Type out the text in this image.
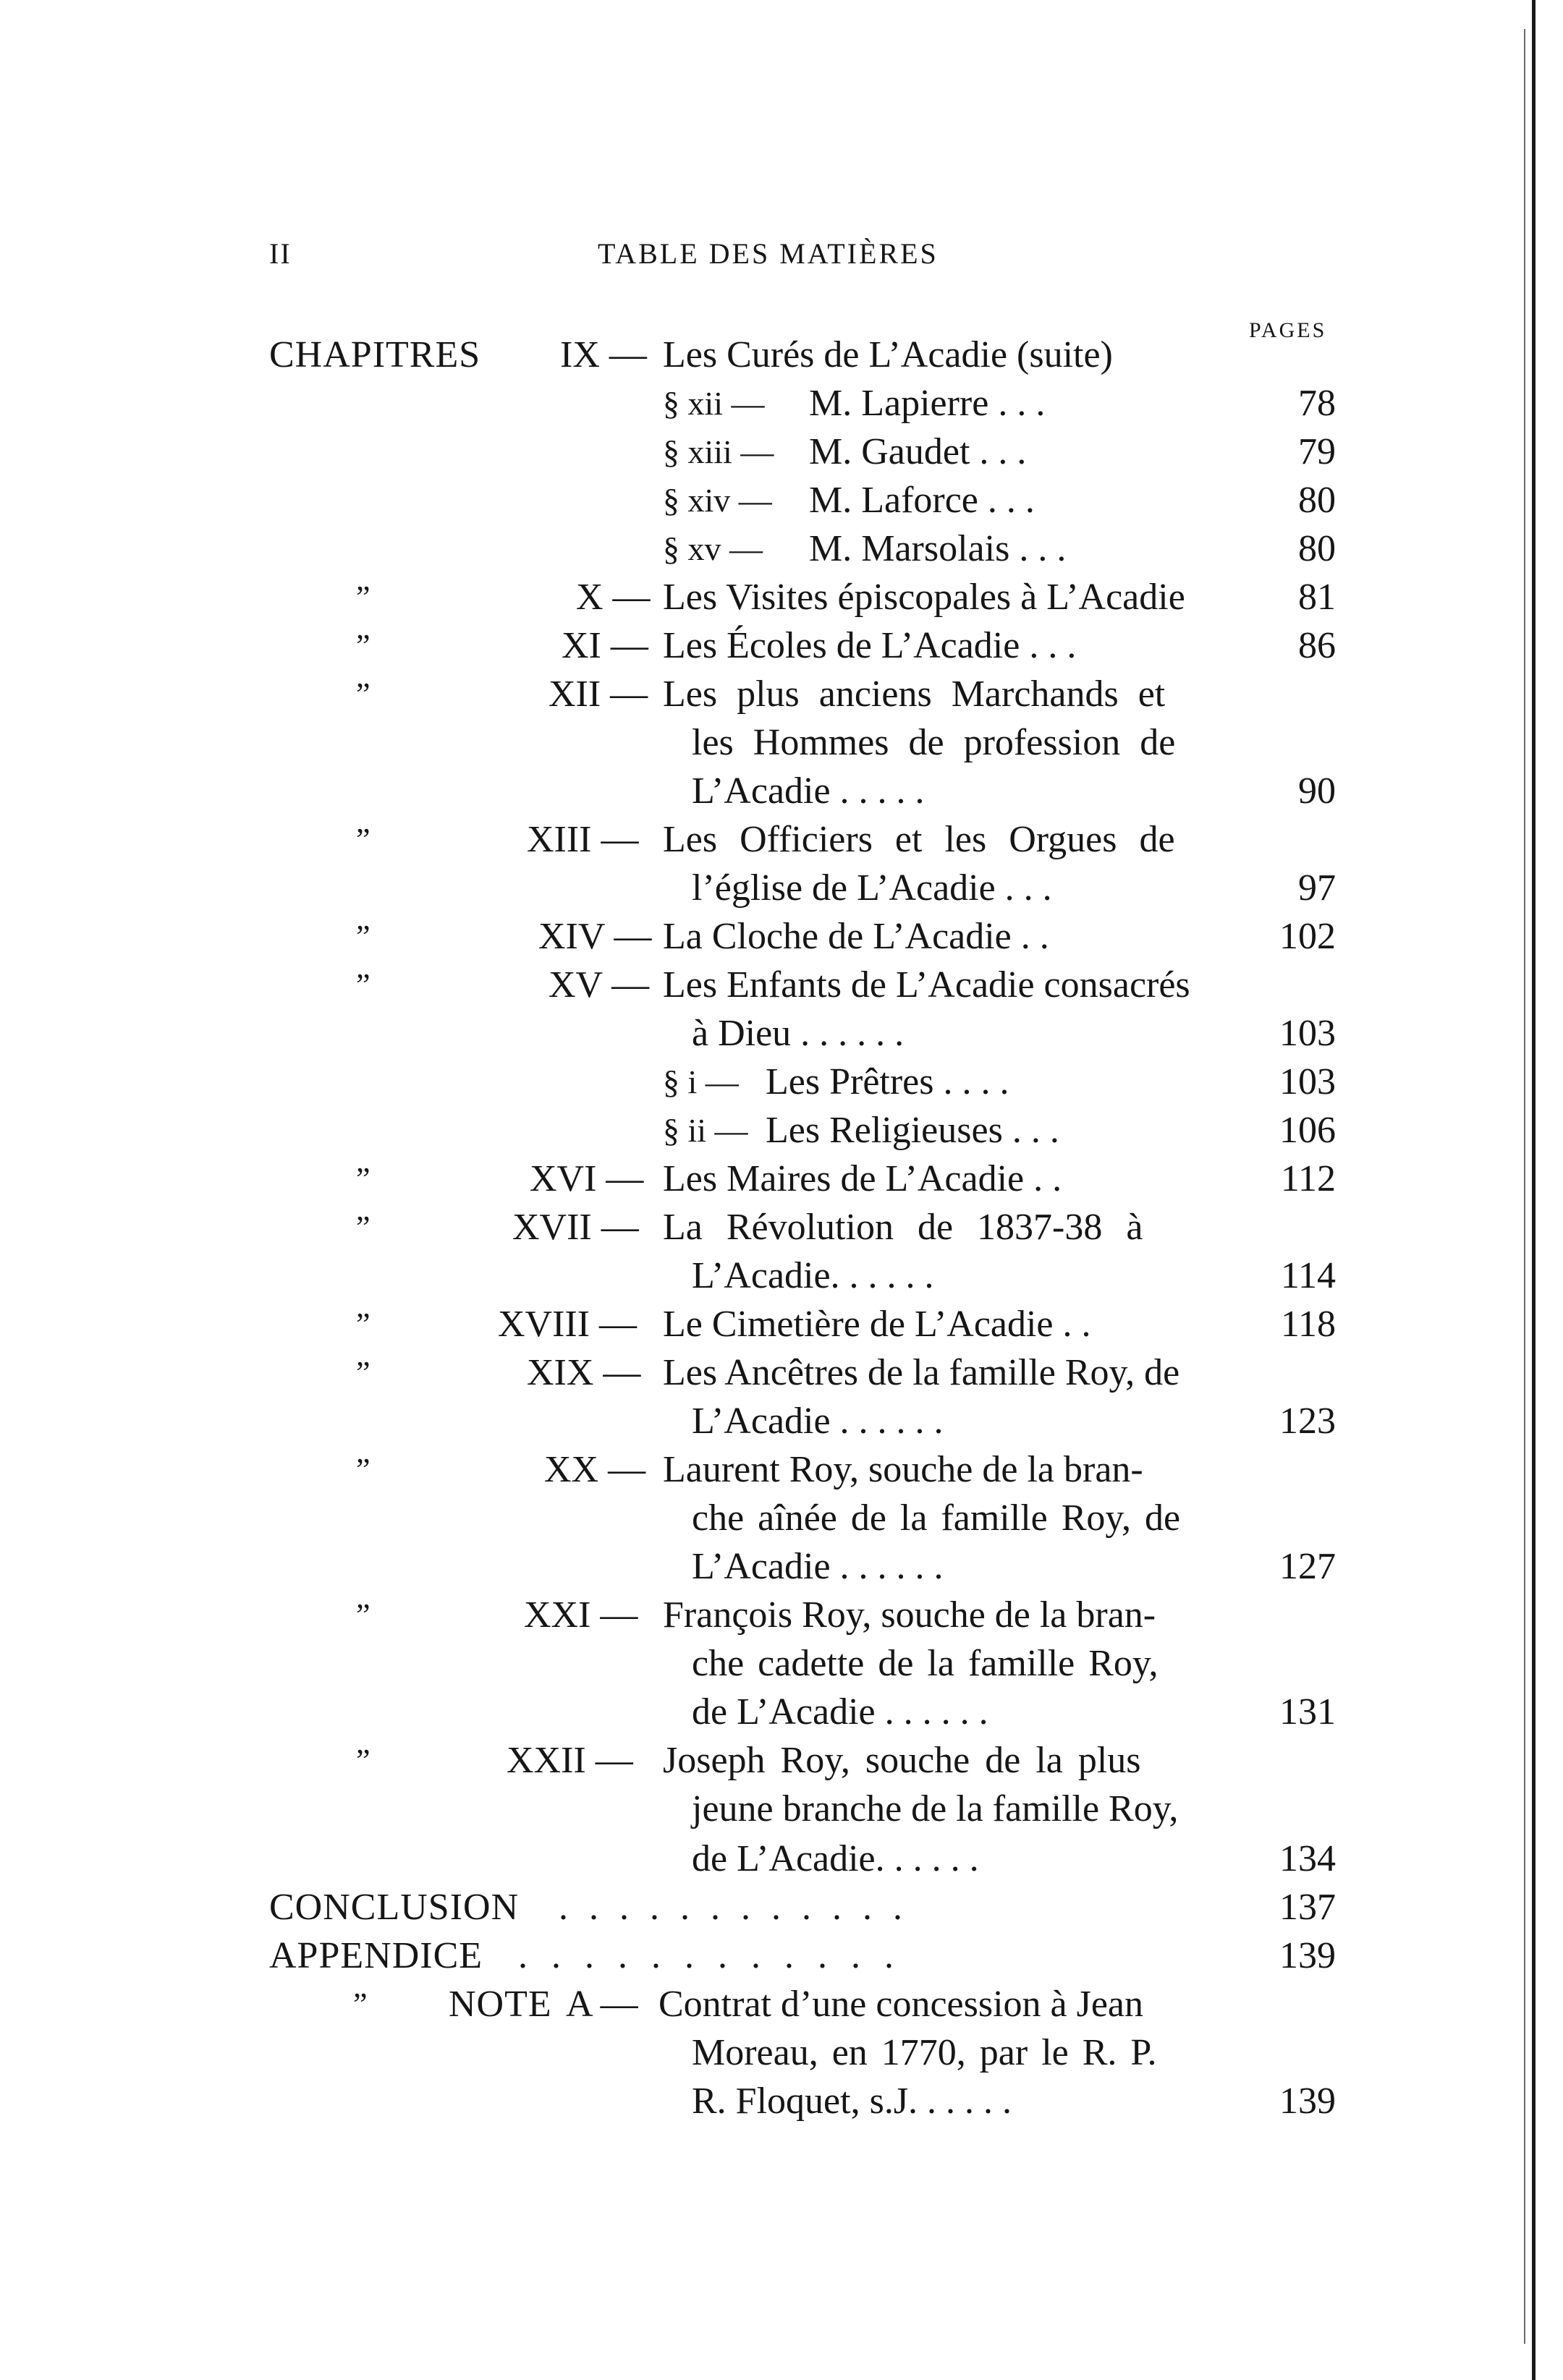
II	TABLE DES MATIÈRES
PAGES
CHAPITRES IX — Les Curés de L’Acadie (suite)
§ xii — M. Lapierre . . .	78
§ xiii — M. Gaudet . . .	79
§ xiv — M. Laforce . . .	80
§ xv — M. Marsolais . . .	80
”	X — Les Visites épiscopales à L’Acadie	81
”	XI — Les Écoles de L’Acadie . . .	86
”	XII — Les plus anciens Marchands et
les Hommes de profession de
L’Acadie . . . . .	90
”	XIII — Les Officiers et les Orgues de
l’église de L’Acadie . . .	97
”	XIV — La Cloche de L’Acadie . .	102
”	XV — Les Enfants de L’Acadie consacrés
à Dieu . . . . . .	103
§ i — Les Prêtres . . . .	103
§ ii — Les Religieuses . . .	106
”	XVI — Les Maires de L’Acadie . .	112
”	XVII — La Révolution de 1837-38 à
L’Acadie. . . . . .	114
”	XVIII — Le Cimetière de L’Acadie . .	118
”	XIX — Les Ancêtres de la famille Roy, de
L’Acadie . . . . . .	123
”	XX — Laurent Roy, souche de la bran-
che aînée de la famille Roy, de
L’Acadie . . . . . .	127
”	XXI — François Roy, souche de la bran-
che cadette de la famille Roy,
de L’Acadie . . . . . .	131
”	XXII — Joseph Roy, souche de la plus
jeune branche de la famille Roy,
de L’Acadie. . . . . .	134
CONCLUSION . . . . . . . . . . . .	137
APPENDICE . . . . . . . . . . . .	139
” NOTE A — Contrat d’une concession à Jean
Moreau, en 1770, par le R. P.
R. Floquet, s.J. . . . . .	139
